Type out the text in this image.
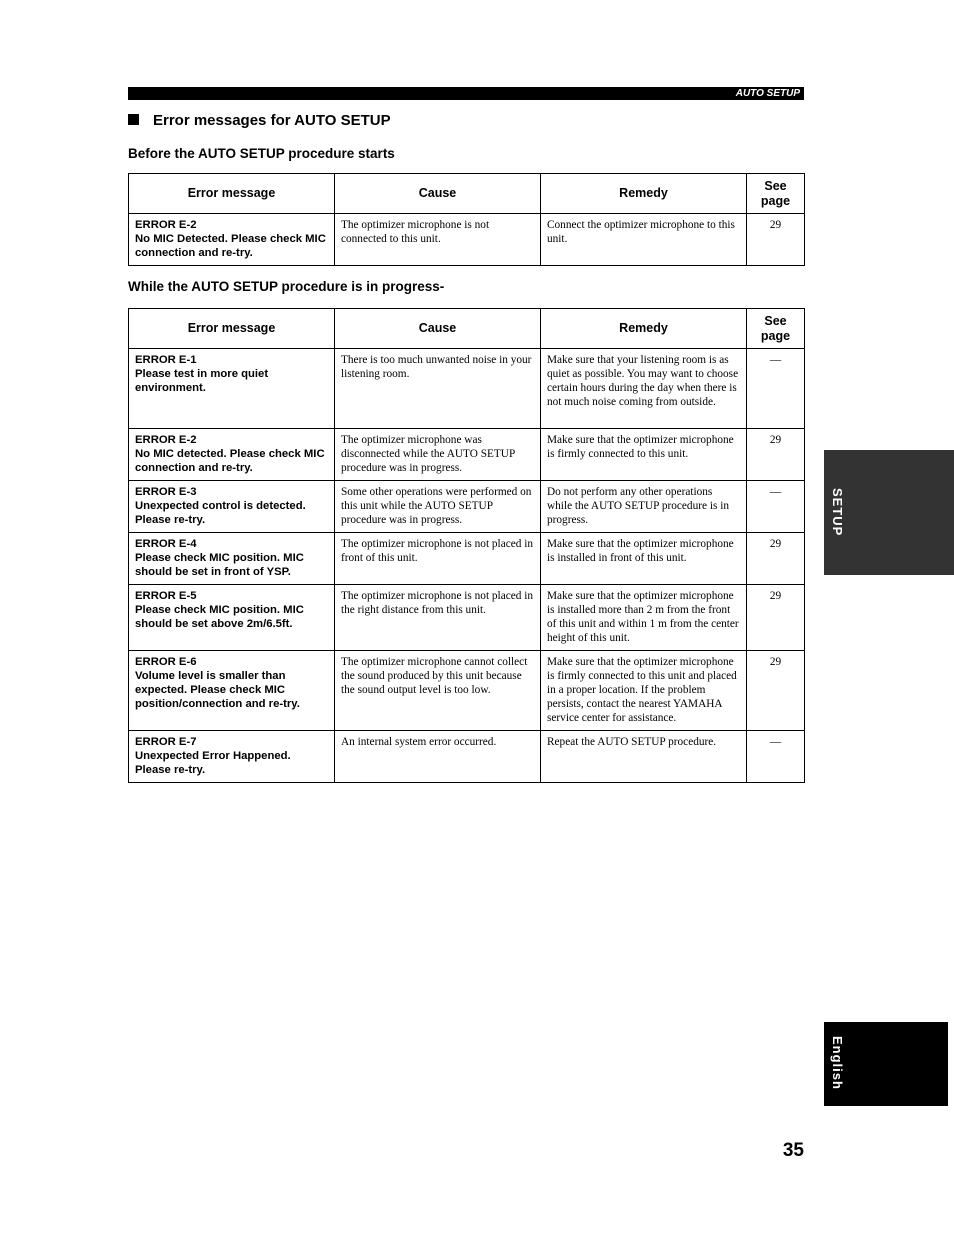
AUTO SETUP
Error messages for AUTO SETUP
Before the AUTO SETUP procedure starts
Error message	Cause	Remedy	See page

ERROR E-2
No MIC Detected. Please check MIC connection and re-try.	The optimizer microphone is not connected to this unit.	Connect the optimizer microphone to this unit.	29
While the AUTO SETUP procedure is in progress-
Error message	Cause	Remedy	See page

ERROR E-1
Please test in more quiet environment.	There is too much unwanted noise in your listening room.	Make sure that your listening room is as quiet as possible. You may want to choose certain hours during the day when there is not much noise coming from outside.	—

ERROR E-2
No MIC detected. Please check MIC connection and re-try.	The optimizer microphone was disconnected while the AUTO SETUP procedure was in progress.	Make sure that the optimizer microphone is firmly connected to this unit.	29

ERROR E-3
Unexpected control is detected. Please re-try.	Some other operations were performed on this unit while the AUTO SETUP procedure was in progress.	Do not perform any other operations while the AUTO SETUP procedure is in progress.	—

ERROR E-4
Please check MIC position. MIC should be set in front of YSP.	The optimizer microphone is not placed in front of this unit.	Make sure that the optimizer microphone is installed in front of this unit.	29

ERROR E-5
Please check MIC position. MIC should be set above 2m/6.5ft.	The optimizer microphone is not placed in the right distance from this unit.	Make sure that the optimizer microphone is installed more than 2 m from the front of this unit and within 1 m from the center height of this unit.	29

ERROR E-6
Volume level is smaller than expected. Please check MIC position/connection and re-try.	The optimizer microphone cannot collect the sound produced by this unit because the sound output level is too low.	Make sure that the optimizer microphone is firmly connected to this unit and placed in a proper location. If the problem persists, contact the nearest YAMAHA service center for assistance.	29

ERROR E-7
Unexpected Error Happened. Please re-try.	An internal system error occurred.	Repeat the AUTO SETUP procedure.	—
SETUP
English
35
